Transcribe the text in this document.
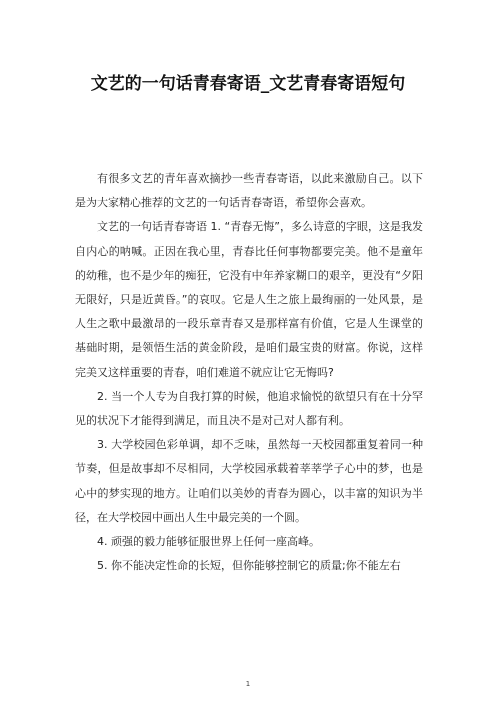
文艺的一句话青春寄语_文艺青春寄语短句

有很多文艺的青年喜欢摘抄一些青春寄语，以此来激励自己。以下是为大家精心推荐的文艺的一句话青春寄语，希望你会喜欢。

文艺的一句话青春寄语 1. “青春无悔”，多么诗意的字眼，这是我发自内心的呐喊。正因在我心里，青春比任何事物都要完美。他不是童年的幼稚，也不是少年的痴狂，它没有中年养家糊口的艰辛，更没有“夕阳无限好，只是近黄昏。”的哀叹。它是人生之旅上最绚丽的一处风景，是人生之歌中最激昂的一段乐章青春又是那样富有价值，它是人生课堂的基础时期，是领悟生活的黄金阶段，是咱们最宝贵的财富。你说，这样完美又这样重要的青春，咱们难道不就应让它无悔吗?

2. 当一个人专为自我打算的时候，他追求愉悦的欲望只有在十分罕见的状况下才能得到满足，而且决不是对己对人都有利。

3. 大学校园色彩单调，却不乏味，虽然每一天校园都重复着同一种节奏，但是故事却不尽相同，大学校园承载着莘莘学子心中的梦，也是心中的梦实现的地方。让咱们以美妙的青春为圆心，以丰富的知识为半径，在大学校园中画出人生中最完美的一个圆。

4. 顽强的毅力能够征服世界上任何一座高峰。

5. 你不能决定性命的长短，但你能够控制它的质量;你不能左右

1
